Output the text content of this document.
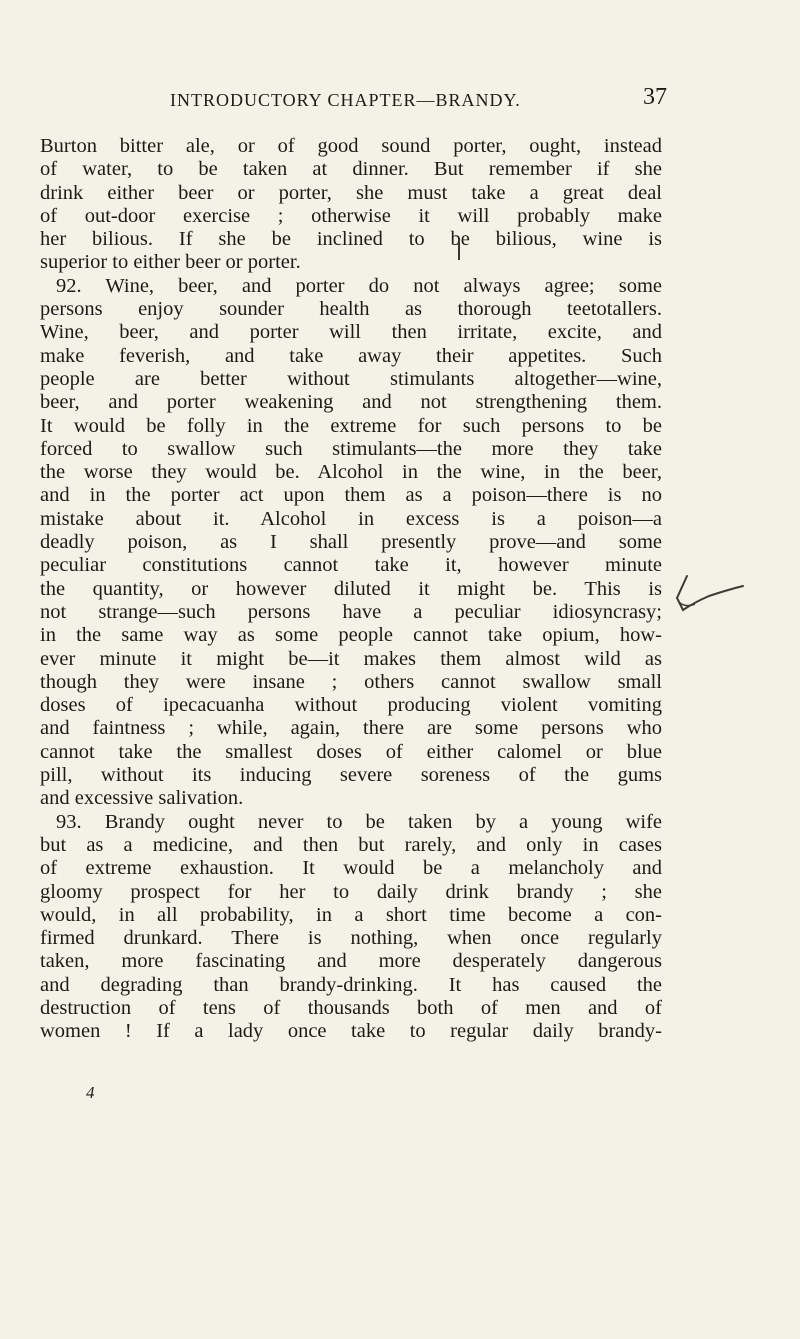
INTRODUCTORY CHAPTER—BRANDY.	37
Burton bitter ale, or of good sound porter, ought, instead
of water, to be taken at dinner. But remember if she
drink either beer or porter, she must take a great deal
of out-door exercise ; otherwise it will probably make
her bilious. If she be inclined to be bilious, wine is
superior to either beer or porter.
92. Wine, beer, and porter do not always agree; some
persons enjoy sounder health as thorough teetotallers.
Wine, beer, and porter will then irritate, excite, and
make feverish, and take away their appetites. Such
people are better without stimulants altogether—wine,
beer, and porter weakening and not strengthening them.
It would be folly in the extreme for such persons to be
forced to swallow such stimulants—the more they take
the worse they would be. Alcohol in the wine, in the beer,
and in the porter act upon them as a poison—there is no
mistake about it. Alcohol in excess is a poison—a
deadly poison, as I shall presently prove—and some
peculiar constitutions cannot take it, however minute
the quantity, or however diluted it might be. This is
not strange—such persons have a peculiar idiosyncrasy;
in the same way as some people cannot take opium, how-
ever minute it might be—it makes them almost wild as
though they were insane ; others cannot swallow small
doses of ipecacuanha without producing violent vomiting
and faintness ; while, again, there are some persons who
cannot take the smallest doses of either calomel or blue
pill, without its inducing severe soreness of the gums
and excessive salivation.
93. Brandy ought never to be taken by a young wife
but as a medicine, and then but rarely, and only in cases
of extreme exhaustion. It would be a melancholy and
gloomy prospect for her to daily drink brandy ; she
would, in all probability, in a short time become a con-
firmed drunkard. There is nothing, when once regularly
taken, more fascinating and more desperately dangerous
and degrading than brandy-drinking. It has caused the
destruction of tens of thousands both of men and of
women ! If a lady once take to regular daily brandy-
4
